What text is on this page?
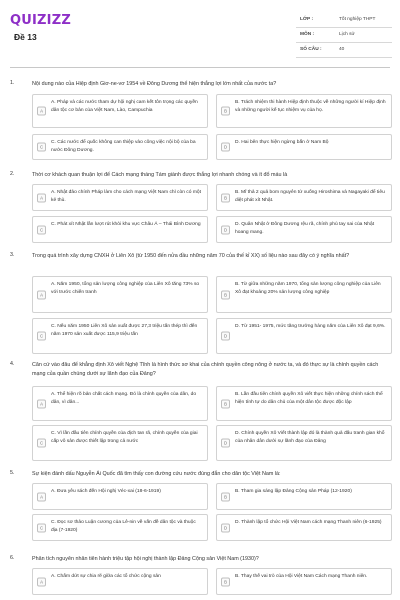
QUIZIZZ
Đề 13
LỚP :	Tốt nghiệp THPT
MÔN :	Lịch sử
SỐ CÂU :	40
1.	Nội dung nào của Hiệp định Giơ-ne-vơ 1954 về Đông Dương thể hiện thắng lợi lớn nhất của nước ta?
A
A. Pháp và các nước tham dự hội nghị cam kết tôn trọng các quyền dân tộc cơ bản của Việt Nam, Lào, Campuchia	B
B. Trách nhiệm thi hành Hiệp định thuộc về những người kí Hiệp định và những người kế tục nhiệm vụ của họ.
C
C. Các nước để quốc không can thiệp vào công việc nội bộ của ba nước Đông Dương.
D
D. Hai bên thực hiện ngừng bắn ở Nam Bộ
2.	Thời cơ khách quan thuận lợi để Cách mạng tháng Tám giành được thắng lợi nhanh chóng và ít đổ máu là
A
A. Nhật đảo chính Pháp làm cho cách mạng Việt Nam chỉ còn có một kẻ thù.
B
B. Mĩ thả 2 quả bom nguyên tử xuống Hiroshima và Nagayaki để tiêu diệt phát xít Nhật.
C
C. Phát xít Nhật lần lượt rút khỏi khu vực Châu Á – Thái Bình Dương
D
D. Quân Nhật ở Đông Dương rệu rã, chính phủ tay sai của Nhật hoang mang.
3.	Trong quá trình xây dựng CNXH ở Liên Xô (từ 1950 đến nửa đầu những năm 70 của thế kỉ XX) số liệu nào sau đây có ý nghĩa nhất?
A
A. Năm 1950, tổng sản lượng công nghiệp của Liên Xô tăng 73% so với trước chiến tranh	B
B. Từ giữa những năm 1970, tổng sản lượng công nghiệp của Liên Xô đạt khoảng 20% sản lượng công nghiệp
C
C. Nếu năm 1950 Liên Xô sản xuất được 27,3 triệu tấn thép thì đến năm 1970 sản xuất được 115,9 triệu tấn	D
D. Từ 1951- 1975, mức tăng trưởng hàng năm của Liên Xô đạt 9,6%.
4.	Căn cứ vào đâu để khẳng định Xô viết Nghệ Tĩnh là hình thức sơ khai của chính quyền công nông ở nước ta, và đó thực sự là chính quyền cách mạng của quần chúng dưới sự lãnh đạo của Đảng?
A
A. Thể hiện rõ bản chất cách mạng. Đó là chính quyền của dân, do dân, vì dân...	B
B. Lần đầu tiên chính quyền Xô viết thực hiện những chính sách thể hiện tính tự do dân chủ của một dân tộc được độc lập
C
C. Vì lần đầu tiên chính quyền của địch tan rã, chính quyền của giai cấp vô sản được thiết lập trong cả nước	D
D. Chính quyền Xô Viết thành lập đó là thành quả đấu tranh gian khổ của nhân dân dưới sự lãnh đạo của Đảng
5.	Sự kiện đánh dấu Nguyễn Ái Quốc đã tìm thấy con đường cứu nước đúng đắn cho dân tộc Việt Nam là:
A
A. Đưa yêu sách đến Hội nghị Véc-xai (18-6-1919)
B
B. Tham gia sáng lập Đảng Cộng sản Pháp (12-1920)
C
C. Đọc sơ thảo Luận cương của Lê-nin về vấn đề dân tộc và thuộc địa (7-1920)
D
D. Thành lập tổ chức Hội Việt Nam cách mạng Thanh niên (6-1925)
6.	Phân tích nguyên nhân tiên hành triệu tập hội nghị thành lập Đảng Cộng sản Việt Nam (1930)?
A
A. Chấm dứt sự chia rẽ giữa các tổ chức cộng sản
B
B. Thay thế vai trò của Hội Việt Nam Cách mạng Thanh niên.
